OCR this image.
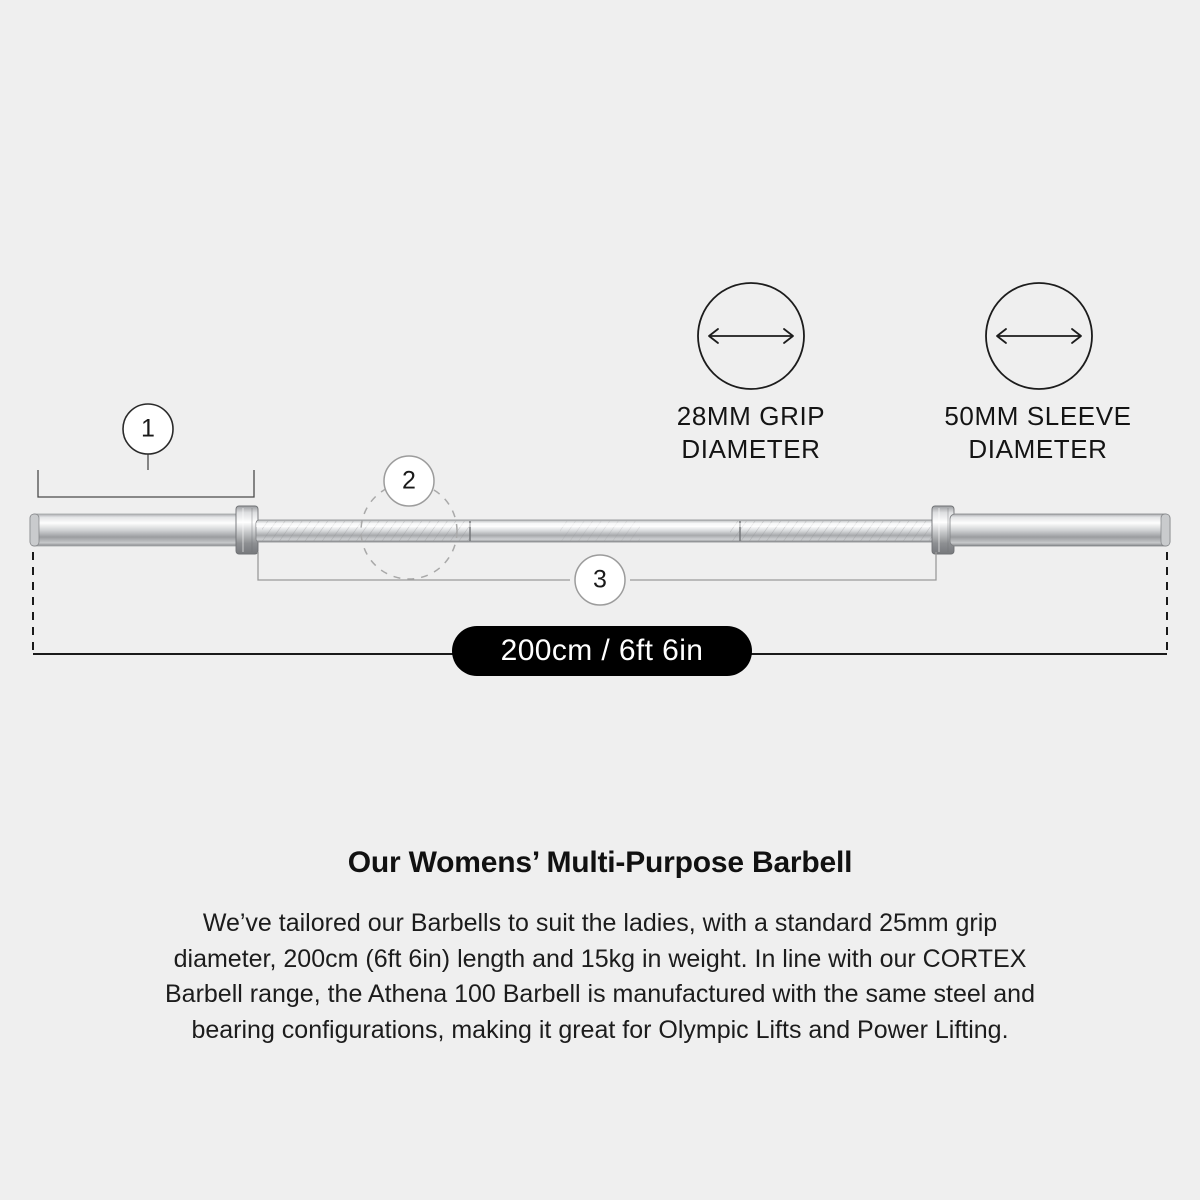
1
2
3
28MM GRIP
DIAMETER
50MM SLEEVE
DIAMETER
200cm / 6ft 6in
Our Womens’ Multi-Purpose Barbell

We’ve tailored our Barbells to suit the ladies, with a standard 25mm grip diameter, 200cm (6ft 6in) length and 15kg in weight. In line with our CORTEX Barbell range, the Athena 100 Barbell is manufactured with the same steel and bearing configurations, making it great for Olympic Lifts and Power Lifting.
